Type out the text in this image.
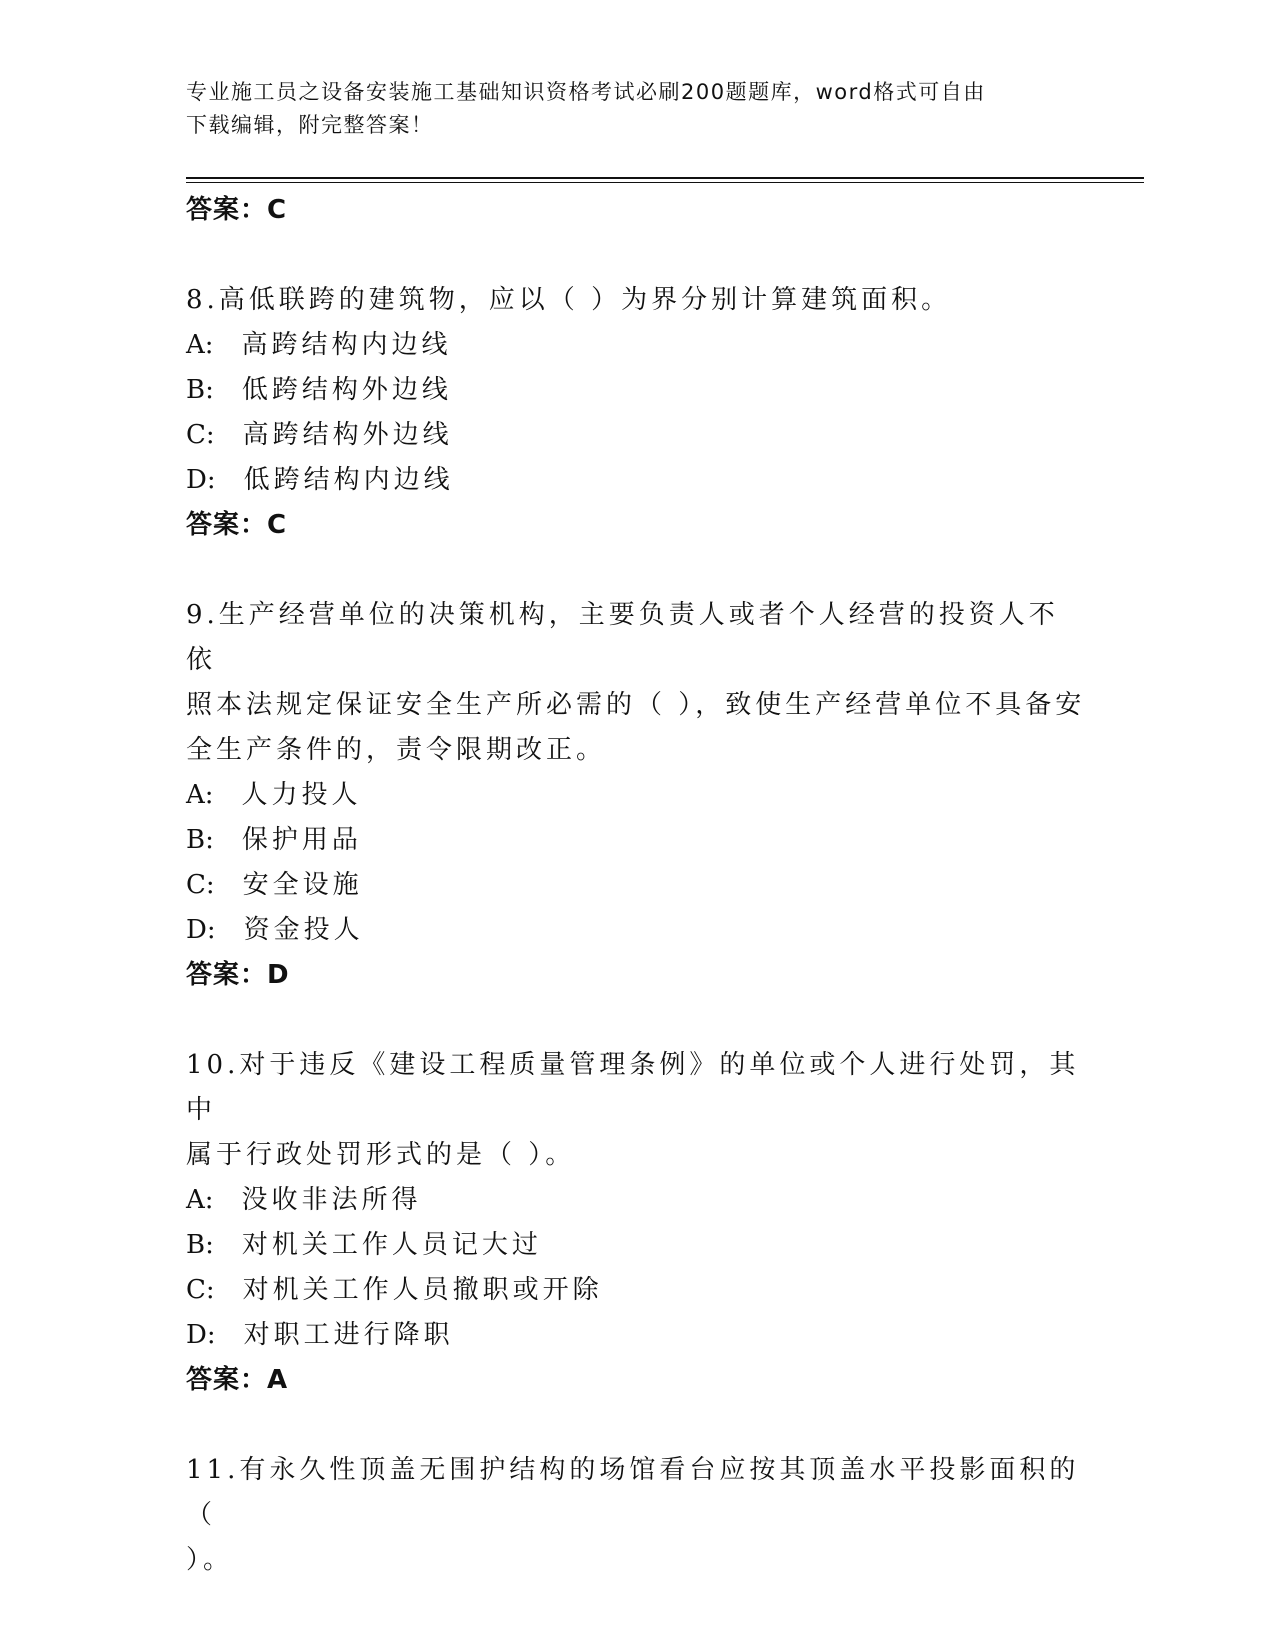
专业施工员之设备安装施工基础知识资格考试必刷200题题库，word格式可自由
下载编辑，附完整答案！
答案：C
8.高低联跨的建筑物，应以（ ）为界分别计算建筑面积。
A: 高跨结构内边线
B: 低跨结构外边线
C: 高跨结构外边线
D: 低跨结构内边线
答案：C
9.生产经营单位的决策机构，主要负责人或者个人经营的投资人不依
照本法规定保证安全生产所必需的（ ），致使生产经营单位不具备安
全生产条件的，责令限期改正。
A: 人力投人
B: 保护用品
C: 安全设施
D: 资金投人
答案：D
10.对于违反《建设工程质量管理条例》的单位或个人进行处罚，其中
属于行政处罚形式的是（ ）。
A: 没收非法所得
B: 对机关工作人员记大过
C: 对机关工作人员撤职或开除
D: 对职工进行降职
答案：A
11.有永久性顶盖无围护结构的场馆看台应按其顶盖水平投影面积的（
）。
